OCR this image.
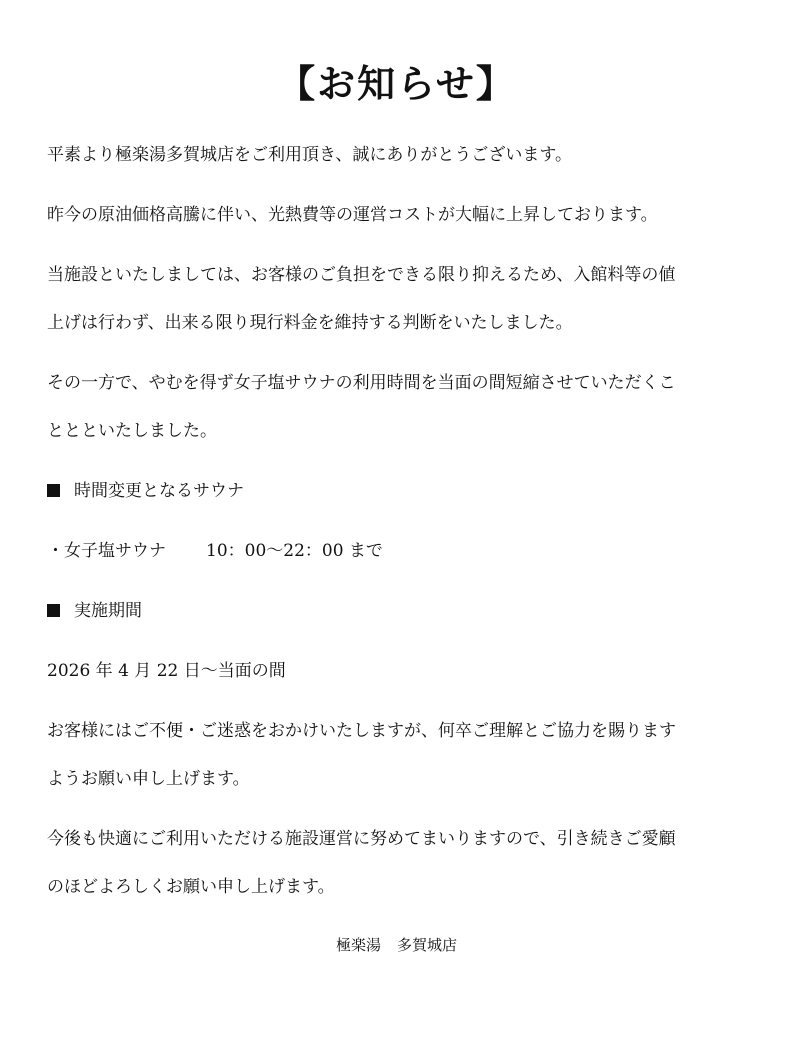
【お知らせ】
平素より極楽湯多賀城店をご利用頂き、誠にありがとうございます。
昨今の原油価格高騰に伴い、光熱費等の運営コストが大幅に上昇しております。
当施設といたしましては、お客様のご負担をできる限り抑えるため、入館料等の値
上げは行わず、出来る限り現行料金を維持する判断をいたしました。
その一方で、やむを得ず女子塩サウナの利用時間を当面の間短縮させていただくこ
ととといたしました。
時間変更となるサウナ
・女子塩サウナ 10：00～22：00 まで
実施期間
2026 年 4 月 22 日～当面の間
お客様にはご不便・ご迷惑をおかけいたしますが、何卒ご理解とご協力を賜ります
ようお願い申し上げます。
今後も快適にご利用いただける施設運営に努めてまいりますので、引き続きご愛顧
のほどよろしくお願い申し上げます。
極楽湯 多賀城店
